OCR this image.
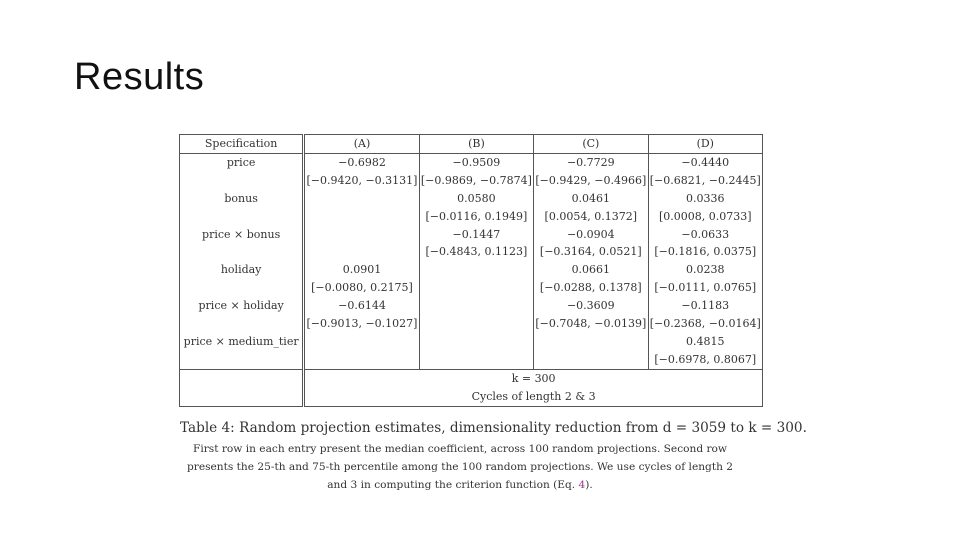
Results
Specification	(A)	(B)	(C)	(D)
price	−0.6982	−0.9509	−0.7729	−0.4440
	[−0.9420, −0.3131]	[−0.9869, −0.7874]	[−0.9429, −0.4966]	[−0.6821, −0.2445]
bonus		0.0580	0.0461	0.0336
		[−0.0116, 0.1949]	[0.0054, 0.1372]	[0.0008, 0.0733]
price × bonus		−0.1447	−0.0904	−0.0633
		[−0.4843, 0.1123]	[−0.3164, 0.0521]	[−0.1816, 0.0375]
holiday	0.0901		0.0661	0.0238
	[−0.0080, 0.2175]		[−0.0288, 0.1378]	[−0.0111, 0.0765]
price × holiday	−0.6144		−0.3609	−0.1183
	[−0.9013, −0.1027]		[−0.7048, −0.0139]	[−0.2368, −0.0164]
price × medium_tier				0.4815
				[−0.6978, 0.8067]
	k = 300			
	Cycles of length 2 & 3			

Table 4: Random projection estimates, dimensionality reduction from d = 3059 to k = 300.

First row in each entry present the median coefficient, across 100 random projections. Second row presents the 25-th and 75-th percentile among the 100 random projections. We use cycles of length 2 and 3 in computing the criterion function (Eq. 4).
